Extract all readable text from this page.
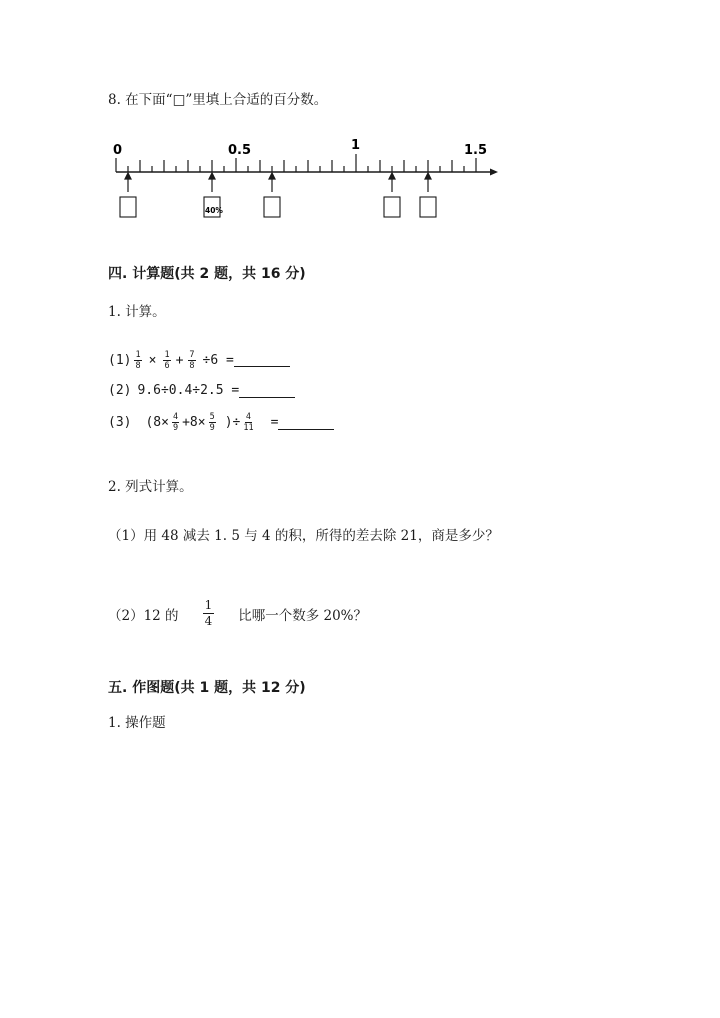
8. 在下面“□”里填上合适的百分数。
0	0.5	1	1.5
40%
四. 计算题(共 2 题，共 16 分)
1. 计算。
$(1) \frac{1}{8} \times \frac{1}{6} + \frac{7}{8} \div 6$ =
(2) 9.6÷0.4÷2.5 =
(3) ($8\times \frac{4}{9} +8\times \frac{5}{9}$ )÷ $\frac{4}{11}$ =
2. 列式计算。
（1）用 48 减去 1. 5 与 4 的积，所得的差去除 21，商是多少？
（2）12 的 $\frac{1}{4}$ 比哪一个数多 20%？
五. 作图题(共 1 题，共 12 分)
1. 操作题
